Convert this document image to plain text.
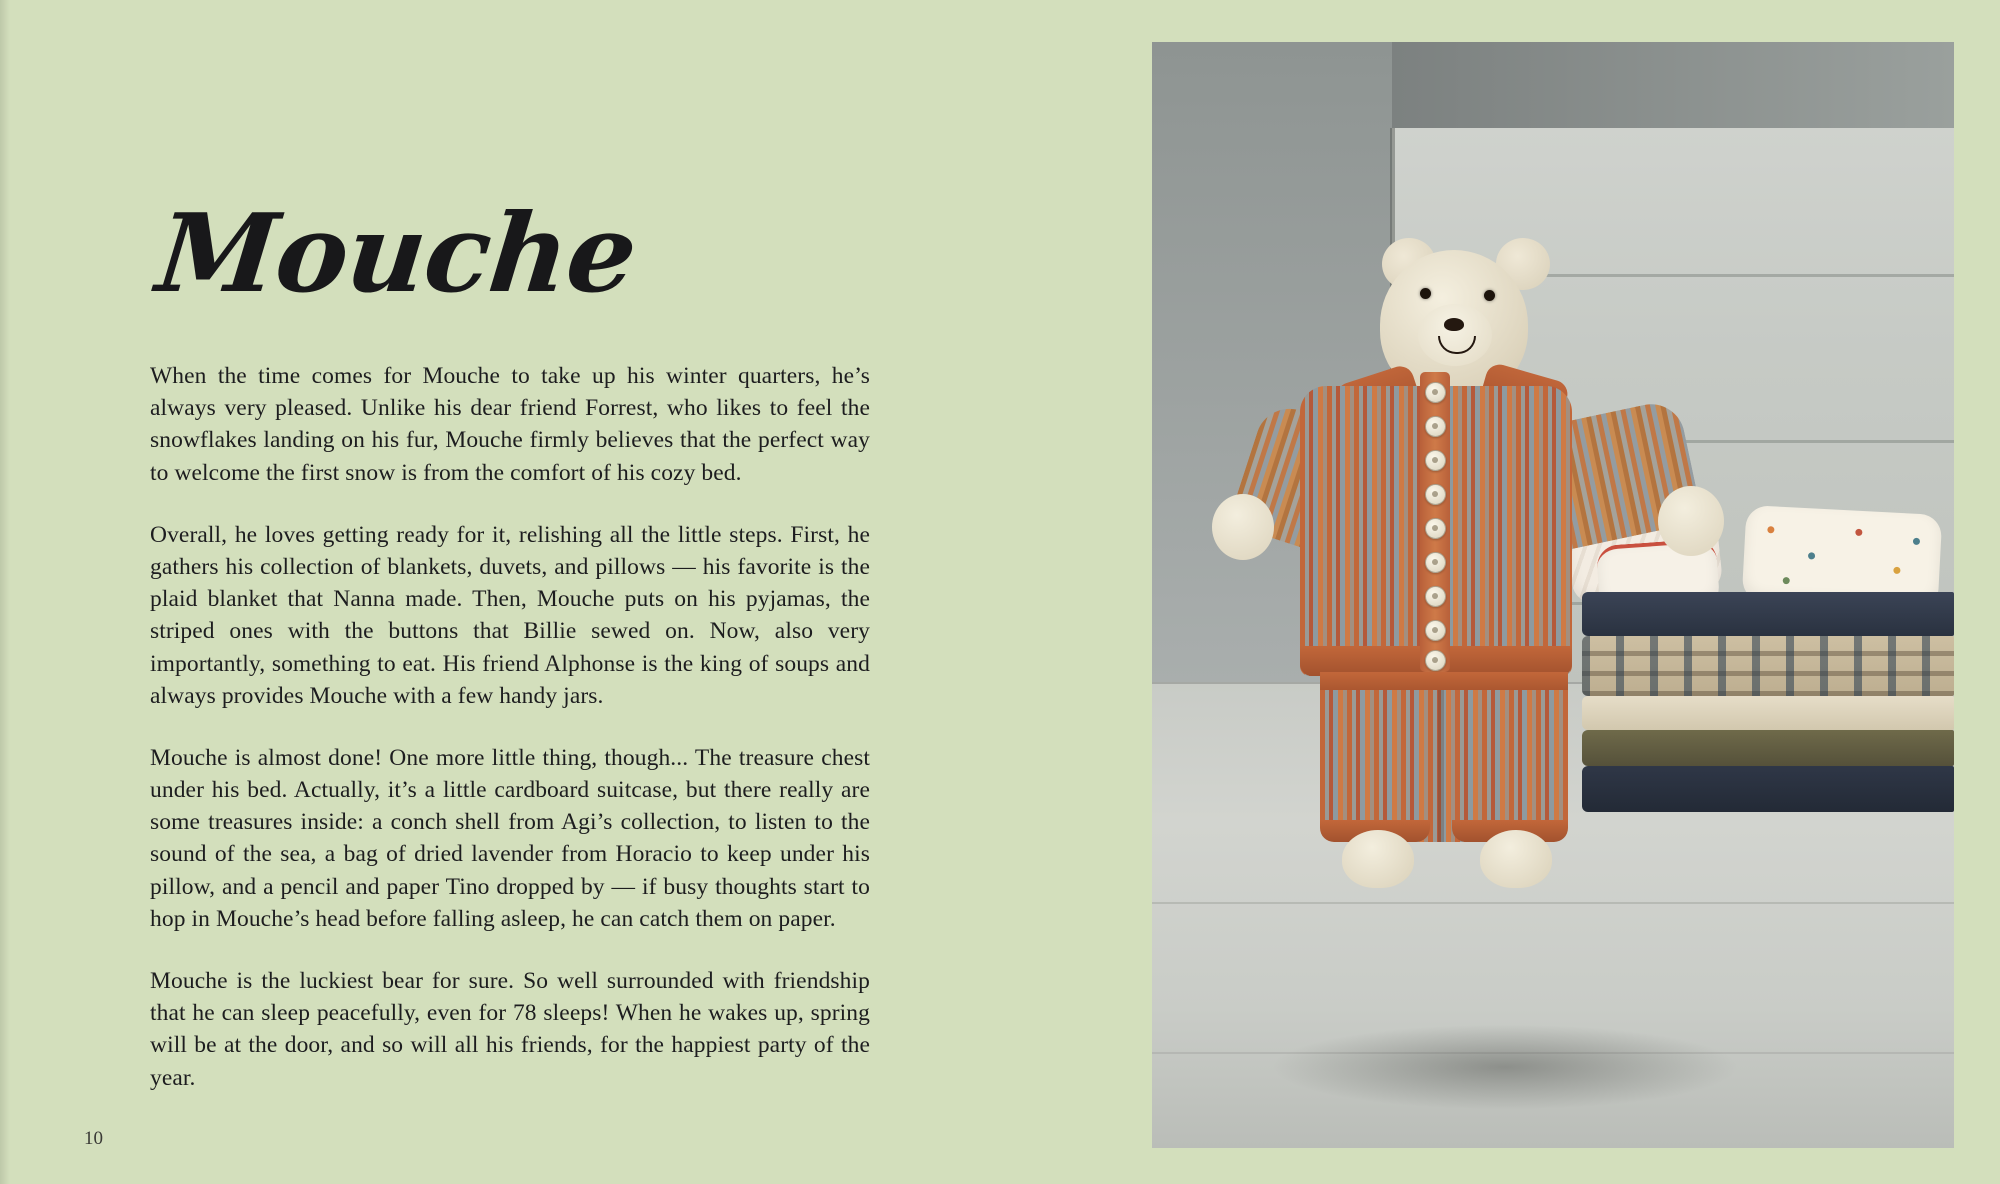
Mouche

When the time comes for Mouche to take up his winter quarters, he’s always very pleased. Unlike his dear friend Forrest, who likes to feel the snowflakes landing on his fur, Mouche firmly believes that the perfect way to welcome the first snow is from the comfort of his cozy bed.

Overall, he loves getting ready for it, relishing all the little steps. First, he gathers his collection of blankets, duvets, and pillows — his favorite is the plaid blanket that Nanna made. Then, Mouche puts on his pyjamas, the striped ones with the buttons that Billie sewed on. Now, also very importantly, something to eat. His friend Alphonse is the king of soups and always provides Mouche with a few handy jars.

Mouche is almost done! One more little thing, though... The treasure chest under his bed. Actually, it’s a little cardboard suitcase, but there really are some treasures inside: a conch shell from Agi’s collection, to listen to the sound of the sea, a bag of dried lavender from Horacio to keep under his pillow, and a pencil and paper Tino dropped by — if busy thoughts start to hop in Mouche’s head before falling asleep, he can catch them on paper.

Mouche is the luckiest bear for sure. So well surrounded with friendship that he can sleep peacefully, even for 78 sleeps! When he wakes up, spring will be at the door, and so will all his friends, for the happiest party of the year.

10
